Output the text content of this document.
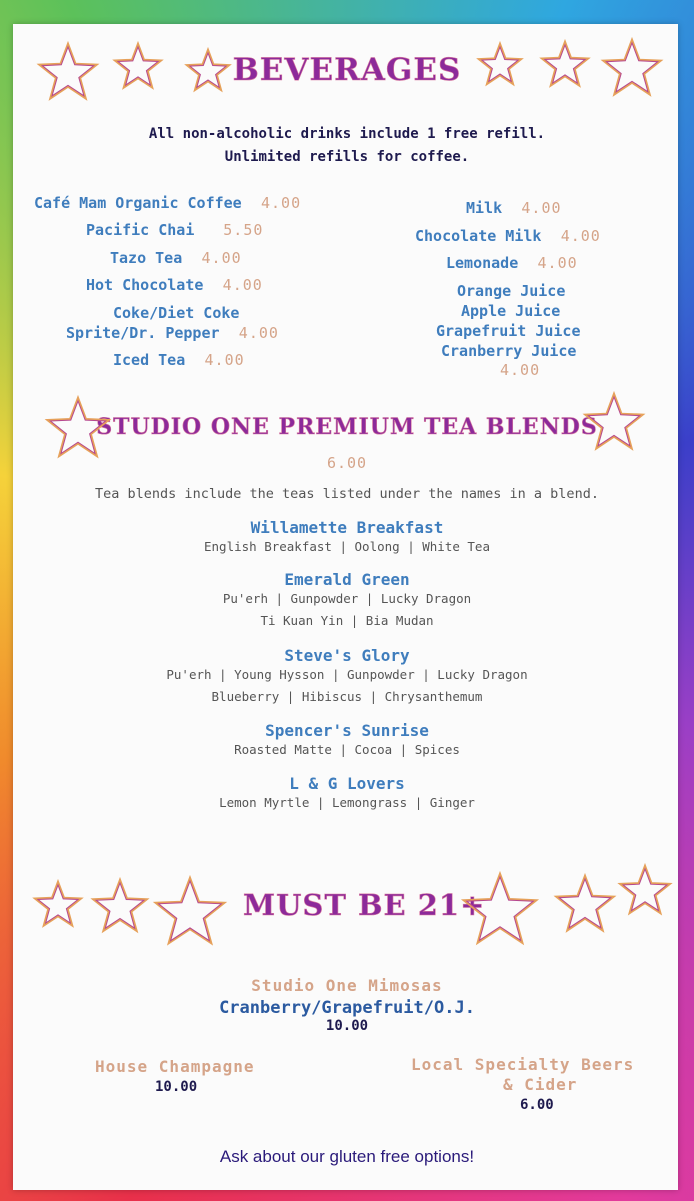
BEVERAGES
All non-alcoholic drinks include 1 free refill.
Unlimited refills for coffee.
Café Mam Organic Coffee 4.00
Pacific Chai 5.50
Tazo Tea 4.00
Hot Chocolate 4.00
Coke/Diet Coke
Sprite/Dr. Pepper 4.00
Iced Tea 4.00
Milk 4.00
Chocolate Milk 4.00
Lemonade 4.00
Orange Juice
Apple Juice
Grapefruit Juice
Cranberry Juice
4.00
STUDIO ONE PREMIUM TEA BLENDS
6.00
Tea blends include the teas listed under the names in a blend.
Willamette Breakfast
English Breakfast | Oolong | White Tea
Emerald Green
Pu'erh | Gunpowder | Lucky Dragon
Ti Kuan Yin | Bia Mudan
Steve's Glory
Pu'erh | Young Hysson | Gunpowder | Lucky Dragon
Blueberry | Hibiscus | Chrysanthemum
Spencer's Sunrise
Roasted Matte | Cocoa | Spices
L & G Lovers
Lemon Myrtle | Lemongrass | Ginger
MUST BE 21+
Studio One Mimosas
Cranberry/Grapefruit/O.J.
10.00
House Champagne
10.00
Local Specialty Beers
& Cider
6.00
Ask about our gluten free options!
